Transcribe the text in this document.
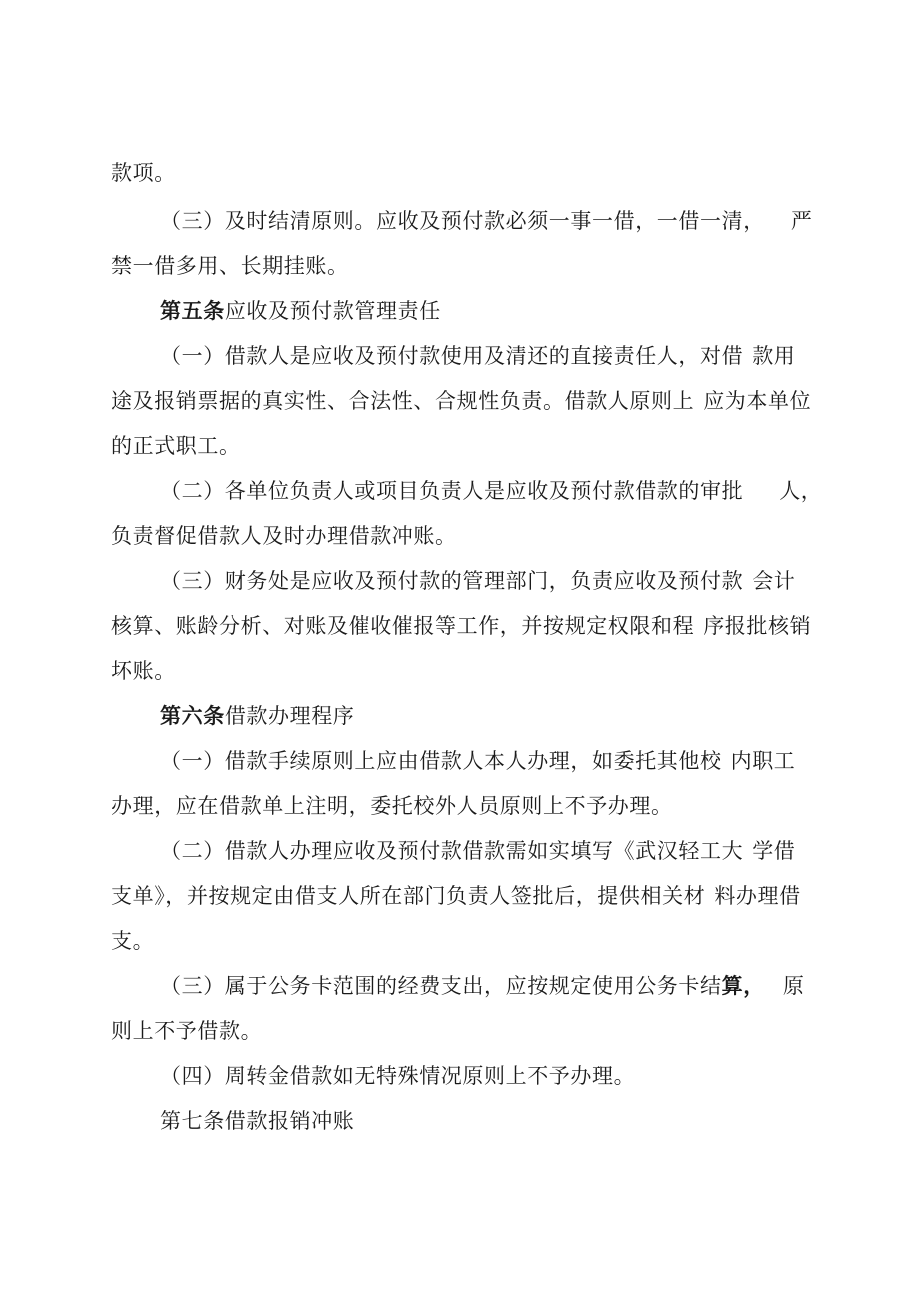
款项。
（三）及时结清原则。应收及预付款必须一事一借，一借一清， 严
禁一借多用、长期挂账。
第五条应收及预付款管理责任
（一）借款人是应收及预付款使用及清还的直接责任人，对借 款用
途及报销票据的真实性、合法性、合规性负责。借款人原则上 应为本单位
的正式职工。
（二）各单位负责人或项目负责人是应收及预付款借款的审批 人，
负责督促借款人及时办理借款冲账。
（三）财务处是应收及预付款的管理部门，负责应收及预付款 会计
核算、账龄分析、对账及催收催报等工作，并按规定权限和程 序报批核销
坏账。
第六条借款办理程序
（一）借款手续原则上应由借款人本人办理，如委托其他校 内职工
办理，应在借款单上注明，委托校外人员原则上不予办理。
（二）借款人办理应收及预付款借款需如实填写《武汉轻工大 学借
支单》，并按规定由借支人所在部门负责人签批后，提供相关材 料办理借
支。
（三）属于公务卡范围的经费支出，应按规定使用公务卡结算， 原
则上不予借款。
（四）周转金借款如无特殊情况原则上不予办理。
第七条借款报销冲账
